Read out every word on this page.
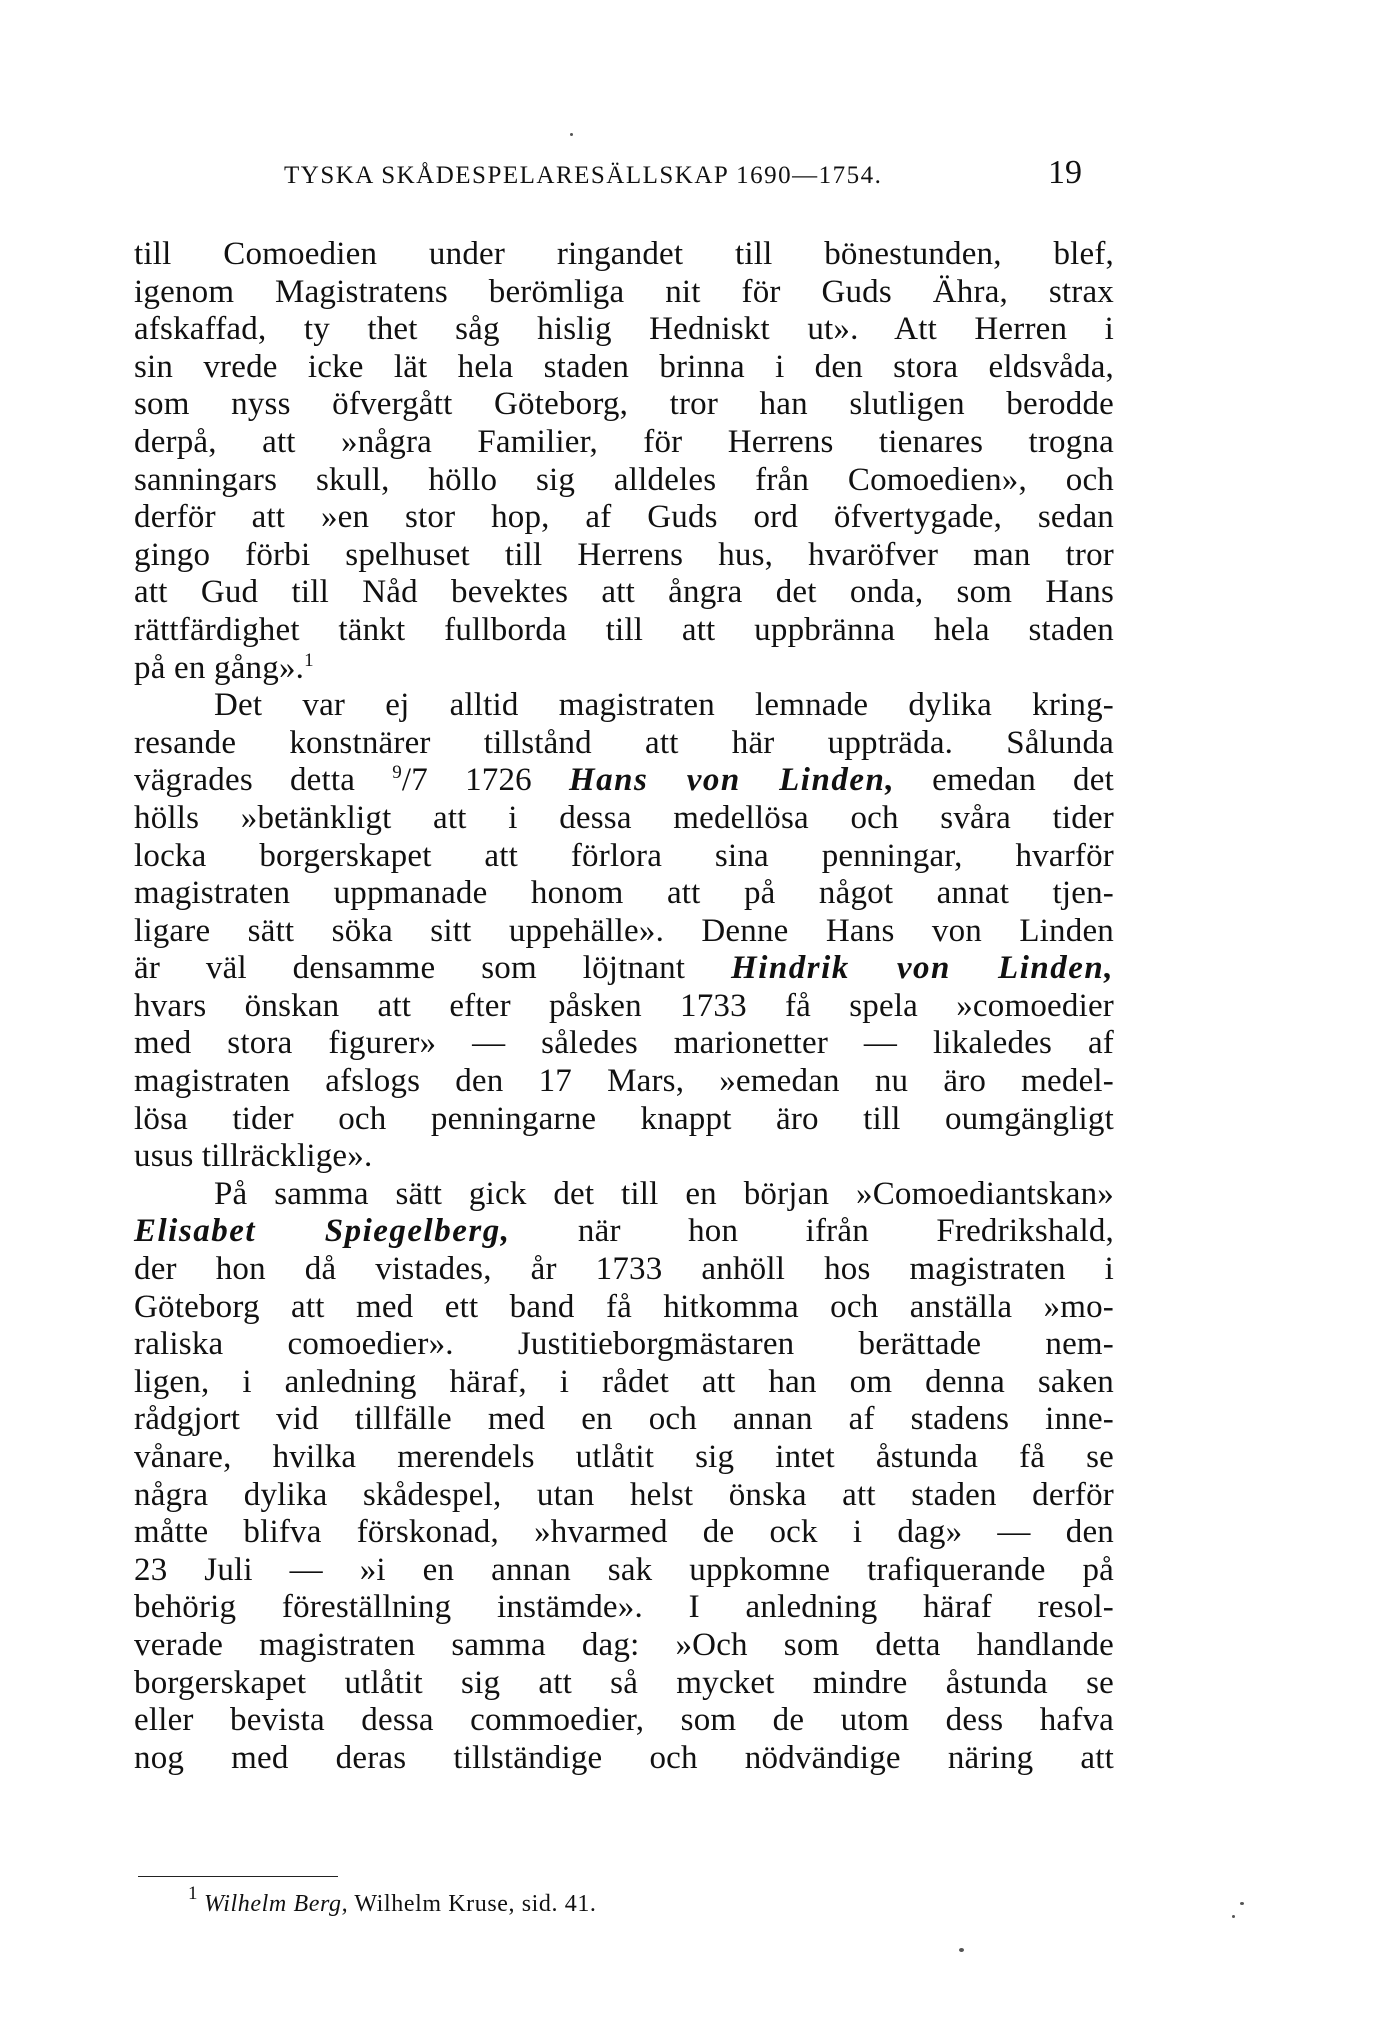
TYSKA SKÅDESPELARESÄLLSKAP 1690—1754.	19
till Comoedien under ringandet till bönestunden, blef,
igenom Magistratens berömliga nit för Guds Ähra, strax
afskaffad, ty thet såg hislig Hedniskt ut». Att Herren i
sin vrede icke lät hela staden brinna i den stora eldsvåda,
som nyss öfvergått Göteborg, tror han slutligen berodde
derpå, att »några Familier, för Herrens tienares trogna
sanningars skull, höllo sig alldeles från Comoedien», och
derför att »en stor hop, af Guds ord öfvertygade, sedan
gingo förbi spelhuset till Herrens hus, hvaröfver man tror
att Gud till Nåd bevektes att ångra det onda, som Hans
rättfärdighet tänkt fullborda till att uppbränna hela staden
på en gång».$^1$
Det var ej alltid magistraten lemnade dylika kring-
resande konstnärer tillstånd att här uppträda. Sålunda
vägrades detta $^9$/7 1726 Hans von Linden, emedan det
hölls »betänkligt att i dessa medellösa och svåra tider
locka borgerskapet att förlora sina penningar, hvarför
magistraten uppmanade honom att på något annat tjen-
ligare sätt söka sitt uppehälle». Denne Hans von Linden
är väl densamme som löjtnant Hindrik von Linden,
hvars önskan att efter påsken 1733 få spela »comoedier
med stora figurer» — således marionetter — likaledes af
magistraten afslogs den 17 Mars, »emedan nu äro medel-
lösa tider och penningarne knappt äro till oumgängligt
usus tillräcklige».
På samma sätt gick det till en början »Comoediantskan»
Elisabet Spiegelberg, när hon ifrån Fredrikshald,
der hon då vistades, år 1733 anhöll hos magistraten i
Göteborg att med ett band få hitkomma och anställa »mo-
raliska comoedier». Justitieborgmästaren berättade nem-
ligen, i anledning häraf, i rådet att han om denna saken
rådgjort vid tillfälle med en och annan af stadens inne-
vånare, hvilka merendels utlåtit sig intet åstunda få se
några dylika skådespel, utan helst önska att staden derför
måtte blifva förskonad, »hvarmed de ock i dag» — den
23 Juli — »i en annan sak uppkomne trafiquerande på
behörig föreställning instämde». I anledning häraf resol-
verade magistraten samma dag: »Och som detta handlande
borgerskapet utlåtit sig att så mycket mindre åstunda se
eller bevista dessa commoedier, som de utom dess hafva
nog med deras tillständige och nödvändige näring att
1 Wilhelm Berg, Wilhelm Kruse, sid. 41.
